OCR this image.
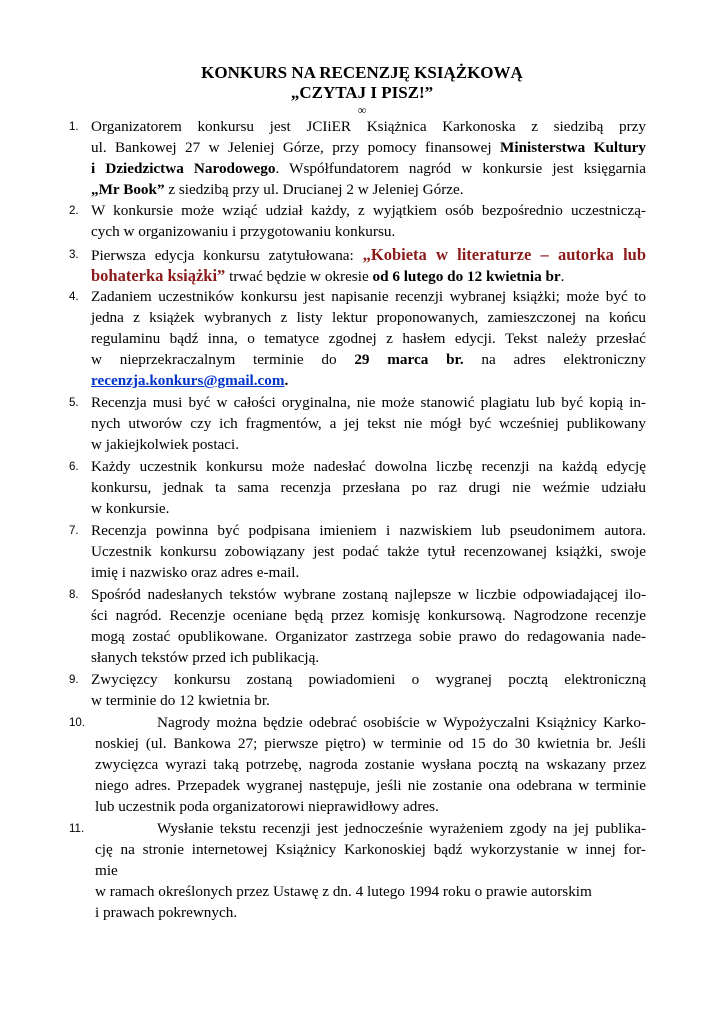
KONKURS NA RECENZJĘ KSIĄŻKOWĄ
„CZYTAJ I PISZ!”
∞
1. Organizatorem konkursu jest JCIiER Książnica Karkonoska z siedzibą przy
ul. Bankowej 27 w Jeleniej Górze, przy pomocy finansowej Ministerstwa Kultury
i Dziedzictwa Narodowego. Współfundatorem nagród w konkursie jest księgarnia
„Mr Book” z siedzibą przy ul. Drucianej 2 w Jeleniej Górze.
2. W konkursie może wziąć udział każdy, z wyjątkiem osób bezpośrednio uczestniczą-
cych w organizowaniu i przygotowaniu konkursu.
3. Pierwsza edycja konkursu zatytułowana: „Kobieta w literaturze – autorka lub
bohaterka książki” trwać będzie w okresie od 6 lutego do 12 kwietnia br.
4. Zadaniem uczestników konkursu jest napisanie recenzji wybranej książki; może być to
jedna z książek wybranych z listy lektur proponowanych, zamieszczonej na końcu
regulaminu bądź inna, o tematyce zgodnej z hasłem edycji. Tekst należy przesłać
w nieprzekraczalnym terminie do 29 marca br. na adres elektroniczny
recenzja.konkurs@gmail.com.
5. Recenzja musi być w całości oryginalna, nie może stanowić plagiatu lub być kopią in-
nych utworów czy ich fragmentów, a jej tekst nie mógł być wcześniej publikowany
w jakiejkolwiek postaci.
6. Każdy uczestnik konkursu może nadesłać dowolna liczbę recenzji na każdą edycję
konkursu, jednak ta sama recenzja przesłana po raz drugi nie weźmie udziału
w konkursie.
7. Recenzja powinna być podpisana imieniem i nazwiskiem lub pseudonimem autora.
Uczestnik konkursu zobowiązany jest podać także tytuł recenzowanej książki, swoje
imię i nazwisko oraz adres e-mail.
8. Spośród nadesłanych tekstów wybrane zostaną najlepsze w liczbie odpowiadającej ilo-
ści nagród. Recenzje oceniane będą przez komisję konkursową. Nagrodzone recenzje
mogą zostać opublikowane. Organizator zastrzega sobie prawo do redagowania nade-
słanych tekstów przed ich publikacją.
9. Zwycięzcy konkursu zostaną powiadomieni o wygranej pocztą elektroniczną
w terminie do 12 kwietnia br.
10.	Nagrody można będzie odebrać osobiście w Wypożyczalni Książnicy Karko-
noskiej (ul. Bankowa 27; pierwsze piętro) w terminie od 15 do 30 kwietnia br. Jeśli
zwycięzca wyrazi taką potrzebę, nagroda zostanie wysłana pocztą na wskazany przez
niego adres. Przepadek wygranej następuje, jeśli nie zostanie ona odebrana w terminie
lub uczestnik poda organizatorowi nieprawidłowy adres.
11.	Wysłanie tekstu recenzji jest jednocześnie wyrażeniem zgody na jej publika-
cję na stronie internetowej Książnicy Karkonoskiej bądź wykorzystanie w innej for-
mie
w ramach określonych przez Ustawę z dn. 4 lutego 1994 roku o prawie autorskim
i prawach pokrewnych.
